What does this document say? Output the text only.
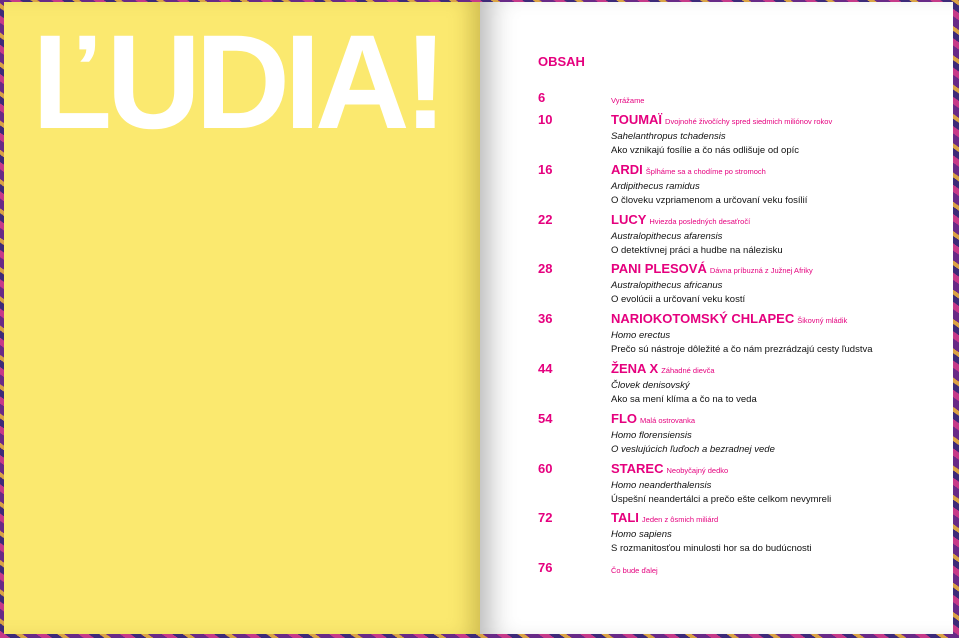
ĽUDIA!	OBSAH
6	Vyrážame
10	TOUMAÏ Dvojnohé živočíchy spred siedmich miliónov rokov
Sahelanthropus tchadensis
Ako vznikajú fosílie a čo nás odlišuje od opíc
16	ARDI Šplháme sa a chodíme po stromoch
Ardipithecus ramidus
O človeku vzpriamenom a určovaní veku fosílií
22	LUCY Hviezda posledných desaťročí
Australopithecus afarensis
O detektívnej práci a hudbe na nálezisku
28	PANI PLESOVÁ Dávna príbuzná z Južnej Afriky
Australopithecus africanus
O evolúcii a určovaní veku kostí
36	NARIOKOTOMSKÝ CHLAPEC Šikovný mládik
Homo erectus
Prečo sú nástroje dôležité a čo nám prezrádzajú cesty ľudstva
44	ŽENA X Záhadné dievča
Človek denisovský
Ako sa mení klíma a čo na to veda
54	FLO Malá ostrovanka
Homo florensiensis
O veslujúcich ľuďoch a bezradnej vede
60	STAREC Neobyčajný dedko
Homo neanderthalensis
Úspešní neandertálci a prečo ešte celkom nevymreli
72	TALI Jeden z ôsmich miliárd
Homo sapiens
S rozmanitosťou minulosti hor sa do budúcnosti
76	Čo bude ďalej
